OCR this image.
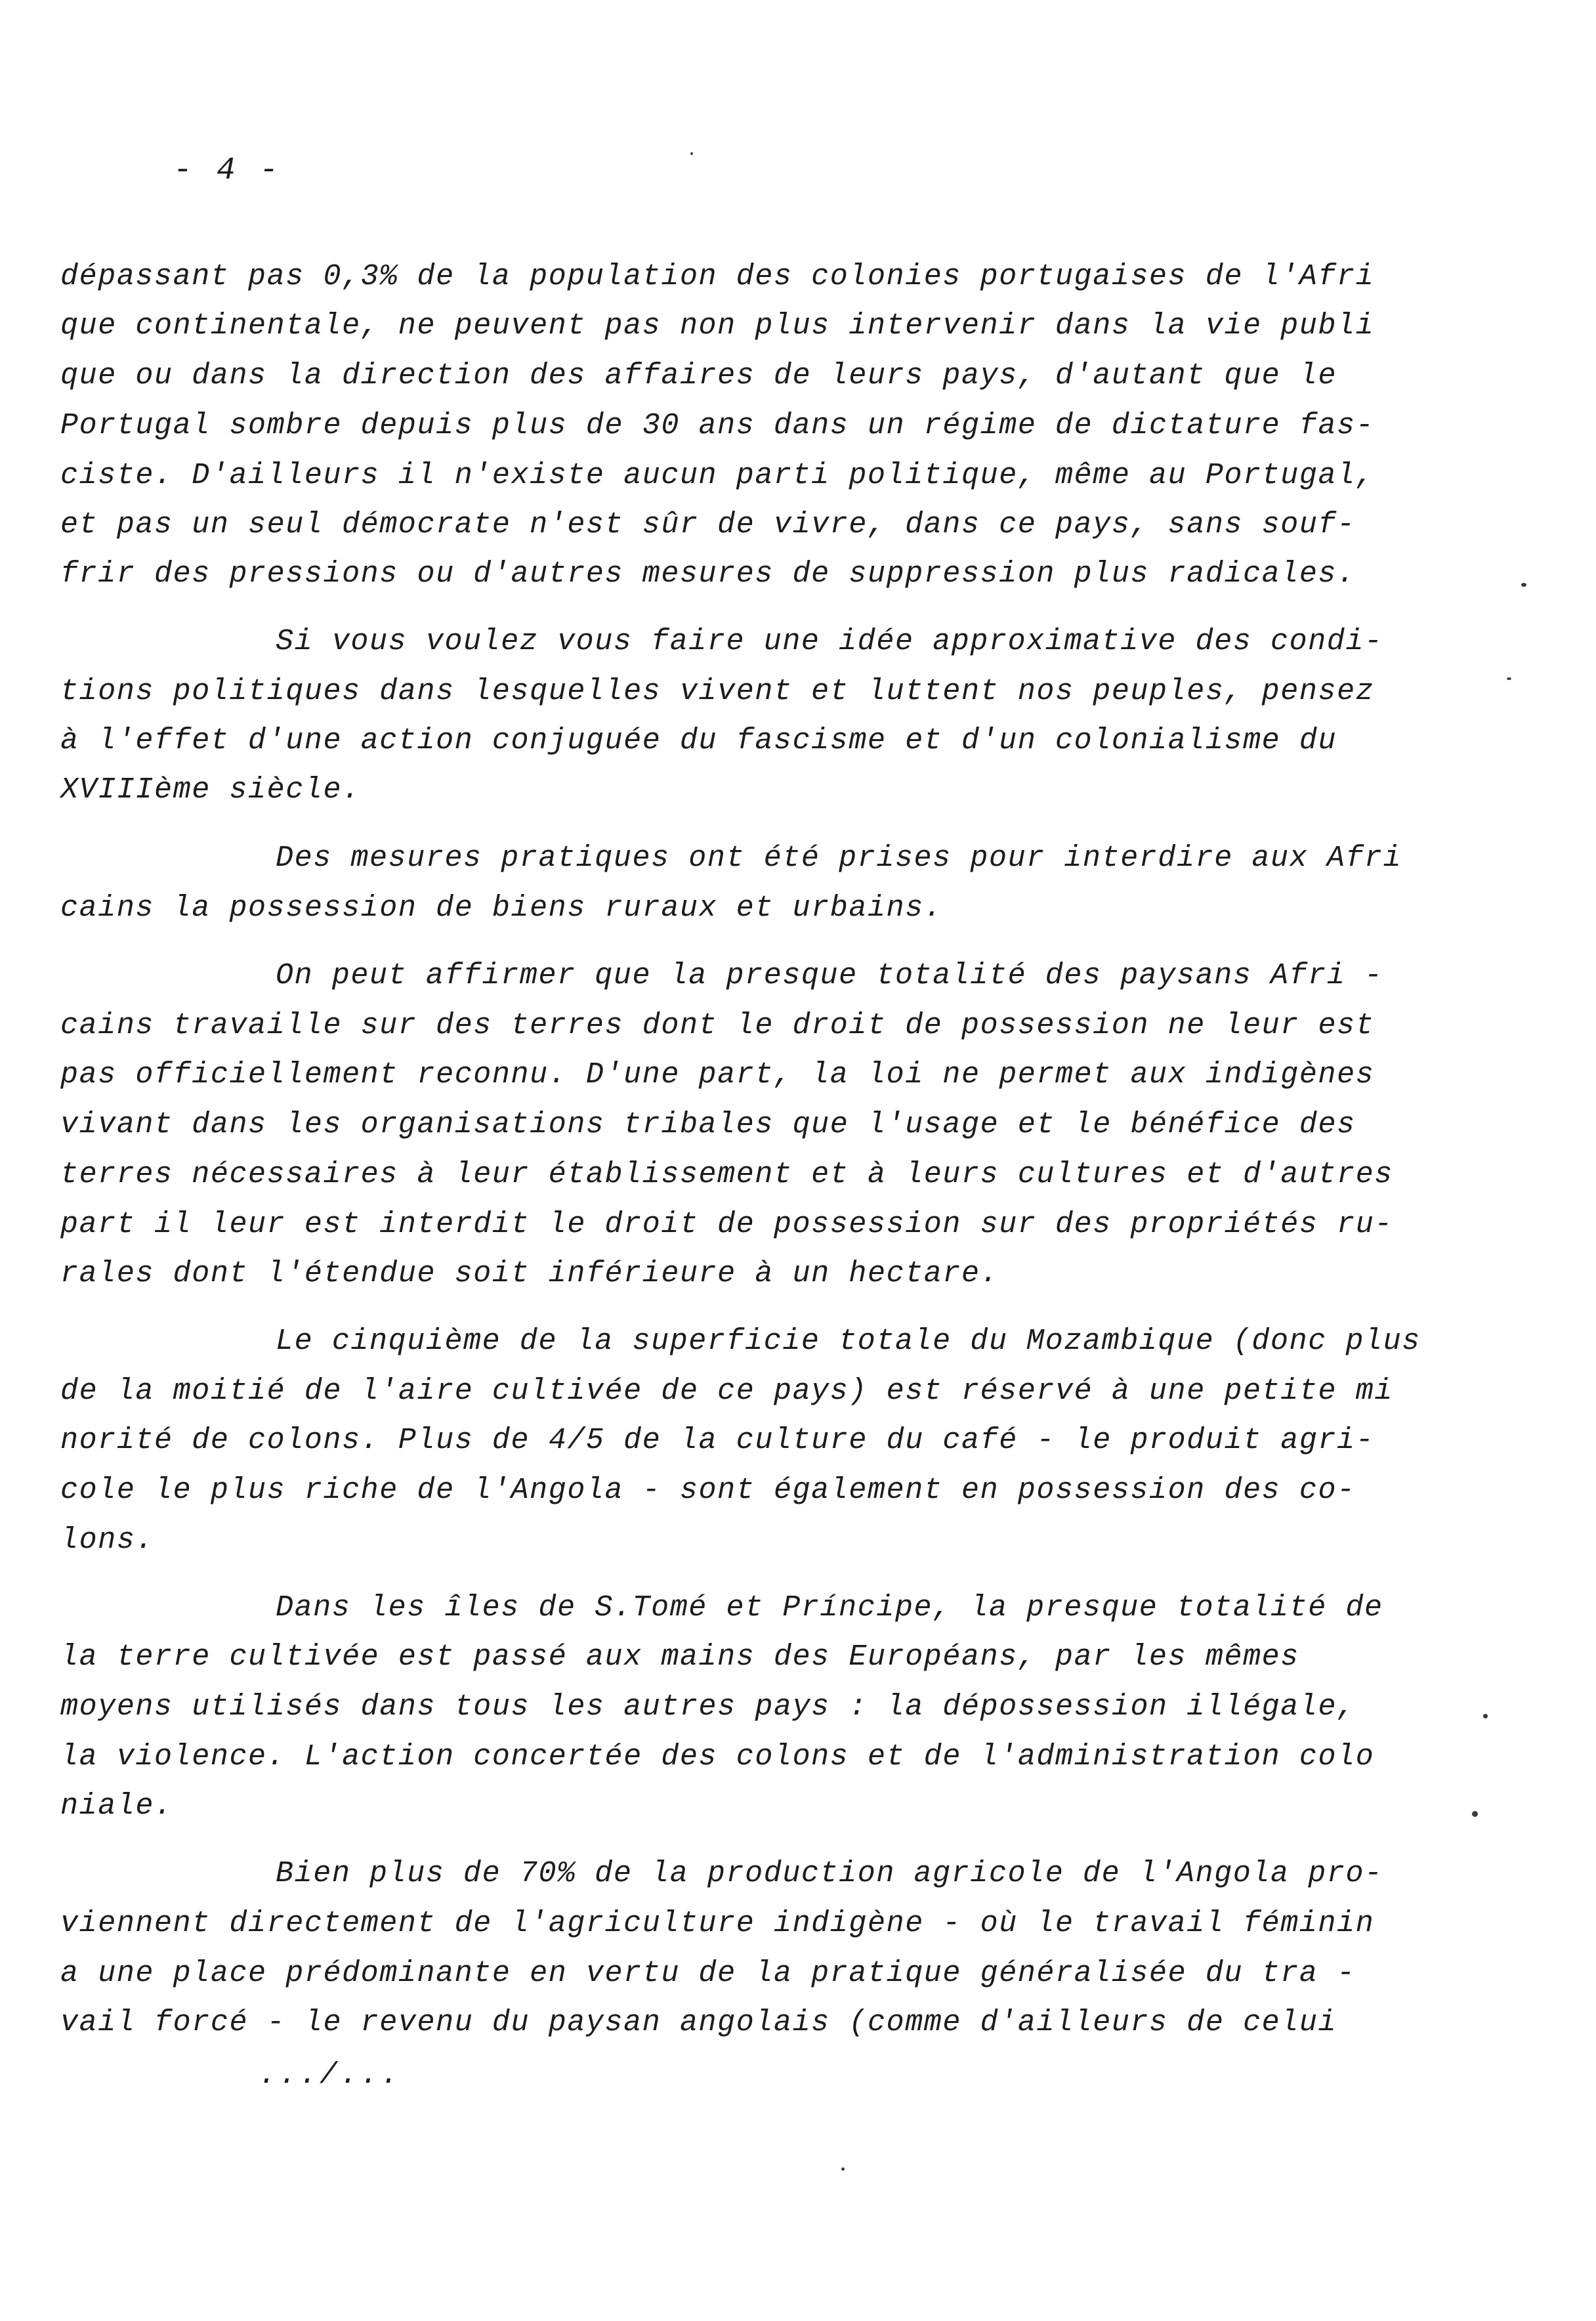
- 4 -
dépassant pas 0,3% de la population des colonies portugaises de l'Afri
que continentale, ne peuvent pas non plus intervenir dans la vie publi
que ou dans la direction des affaires de leurs pays, d'autant que le
Portugal sombre depuis plus de 30 ans dans un régime de dictature fas-
ciste. D'ailleurs il n'existe aucun parti politique, même au Portugal,
et pas un seul démocrate n'est sûr de vivre, dans ce pays, sans souf-
frir des pressions ou d'autres mesures de suppression plus radicales.
Si vous voulez vous faire une idée approximative des condi-
tions politiques dans lesquelles vivent et luttent nos peuples, pensez
à l'effet d'une action conjuguée du fascisme et d'un colonialisme du
XVIIIème siècle.
Des mesures pratiques ont été prises pour interdire aux Afri
cains la possession de biens ruraux et urbains.
On peut affirmer que la presque totalité des paysans Afri -
cains travaille sur des terres dont le droit de possession ne leur est
pas officiellement reconnu. D'une part, la loi ne permet aux indigènes
vivant dans les organisations tribales que l'usage et le bénéfice des
terres nécessaires à leur établissement et à leurs cultures et d'autres
part il leur est interdit le droit de possession sur des propriétés ru-
rales dont l'étendue soit inférieure à un hectare.
Le cinquième de la superficie totale du Mozambique (donc plus
de la moitié de l'aire cultivée de ce pays) est réservé à une petite mi
norité de colons. Plus de 4/5 de la culture du café - le produit agri-
cole le plus riche de l'Angola - sont également en possession des co-
lons.
Dans les îles de S.Tomé et Príncipe, la presque totalité de
la terre cultivée est passé aux mains des Européans, par les mêmes
moyens utilisés dans tous les autres pays : la dépossession illégale,
la violence. L'action concertée des colons et de l'administration colo
niale.
Bien plus de 70% de la production agricole de l'Angola pro-
viennent directement de l'agriculture indigène - où le travail féminin
a une place prédominante en vertu de la pratique généralisée du tra -
vail forcé - le revenu du paysan angolais (comme d'ailleurs de celui
.../...
